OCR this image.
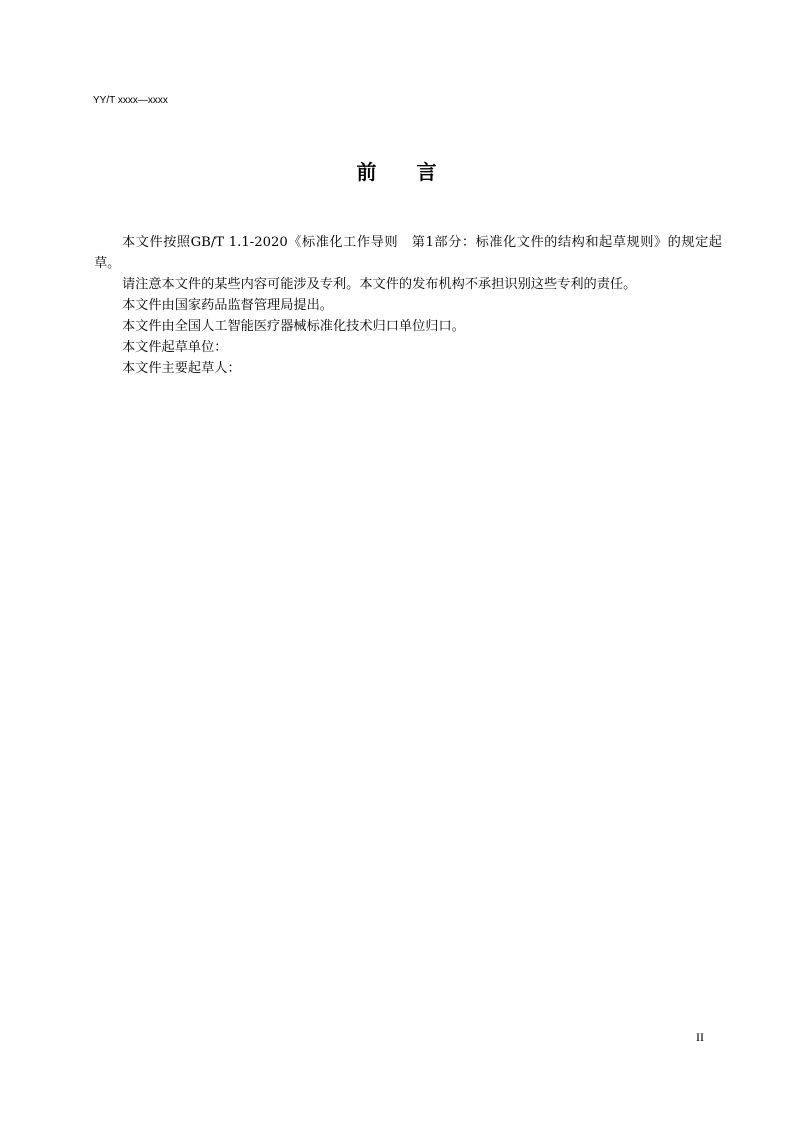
YY/T xxxx—xxxx
前　　言

本文件按照GB/T 1.1-2020《标准化工作导则　第1部分：标准化文件的结构和起草规则》的规定起草。

请注意本文件的某些内容可能涉及专利。本文件的发布机构不承担识别这些专利的责任。

本文件由国家药品监督管理局提出。

本文件由全国人工智能医疗器械标准化技术归口单位归口。

本文件起草单位：

本文件主要起草人：

II
